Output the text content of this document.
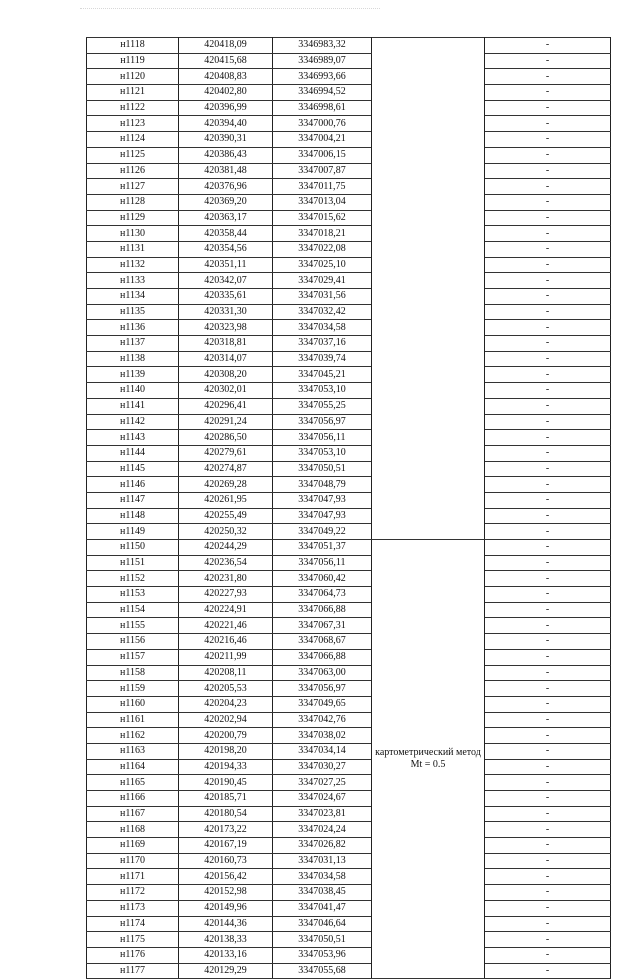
н1118	420418,09	3346983,32		-
н1119	420415,68	3346989,07		-
н1120	420408,83	3346993,66		-
н1121	420402,80	3346994,52		-
н1122	420396,99	3346998,61		-
н1123	420394,40	3347000,76		-
н1124	420390,31	3347004,21		-
н1125	420386,43	3347006,15		-
н1126	420381,48	3347007,87		-
н1127	420376,96	3347011,75		-
н1128	420369,20	3347013,04		-
н1129	420363,17	3347015,62		-
н1130	420358,44	3347018,21		-
н1131	420354,56	3347022,08		-
н1132	420351,11	3347025,10		-
н1133	420342,07	3347029,41		-
н1134	420335,61	3347031,56		-
н1135	420331,30	3347032,42		-
н1136	420323,98	3347034,58		-
н1137	420318,81	3347037,16		-
н1138	420314,07	3347039,74		-
н1139	420308,20	3347045,21		-
н1140	420302,01	3347053,10		-
н1141	420296,41	3347055,25		-
н1142	420291,24	3347056,97		-
н1143	420286,50	3347056,11		-
н1144	420279,61	3347053,10		-
н1145	420274,87	3347050,51		-
н1146	420269,28	3347048,79		-
н1147	420261,95	3347047,93		-
н1148	420255,49	3347047,93		-
н1149	420250,32	3347049,22		-
н1150	420244,29	3347051,37	картометрический метод Mt = 0.5	-
н1151	420236,54	3347056,11		-
н1152	420231,80	3347060,42		-
н1153	420227,93	3347064,73		-
н1154	420224,91	3347066,88		-
н1155	420221,46	3347067,31		-
н1156	420216,46	3347068,67		-
н1157	420211,99	3347066,88		-
н1158	420208,11	3347063,00		-
н1159	420205,53	3347056,97		-
н1160	420204,23	3347049,65		-
н1161	420202,94	3347042,76		-
н1162	420200,79	3347038,02		-
н1163	420198,20	3347034,14		-
н1164	420194,33	3347030,27		-
н1165	420190,45	3347027,25		-
н1166	420185,71	3347024,67		-
н1167	420180,54	3347023,81		-
н1168	420173,22	3347024,24		-
н1169	420167,19	3347026,82		-
н1170	420160,73	3347031,13		-
н1171	420156,42	3347034,58		-
н1172	420152,98	3347038,45		-
н1173	420149,96	3347041,47		-
н1174	420144,36	3347046,64		-
н1175	420138,33	3347050,51		-
н1176	420133,16	3347053,96		-
н1177	420129,29	3347055,68		-
